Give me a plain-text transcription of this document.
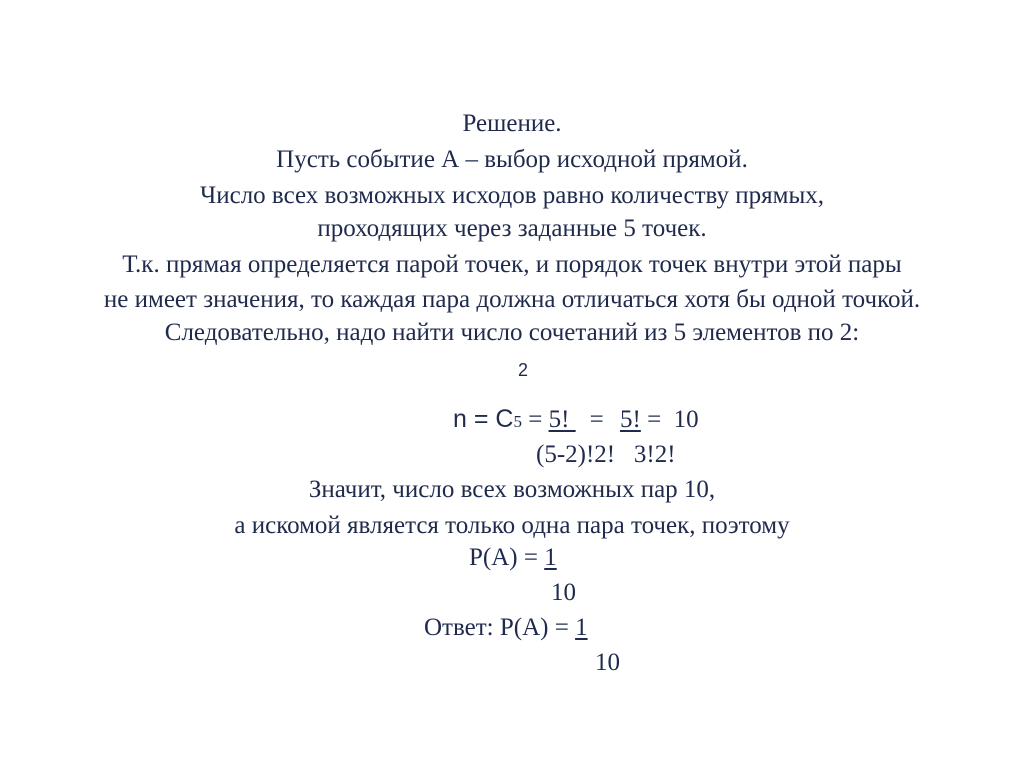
Решение.
Пусть событие А – выбор исходной прямой.
Число всех возможных исходов равно количеству прямых,
проходящих через заданные 5 точек.
Т.к. прямая определяется парой точек, и порядок точек внутри этой пары
не имеет значения, то каждая пара должна отличаться хотя бы одной точкой.
Следовательно, надо найти число сочетаний из 5 элементов по 2:
2
n = C5 = 5! = 5! =  10
(5-2)!2!   3!2!
Значит, число всех возможных пар 10,
а искомой является только одна пара точек, поэтому
P(A) = 1
10
Ответ: P(A) = 1
10
